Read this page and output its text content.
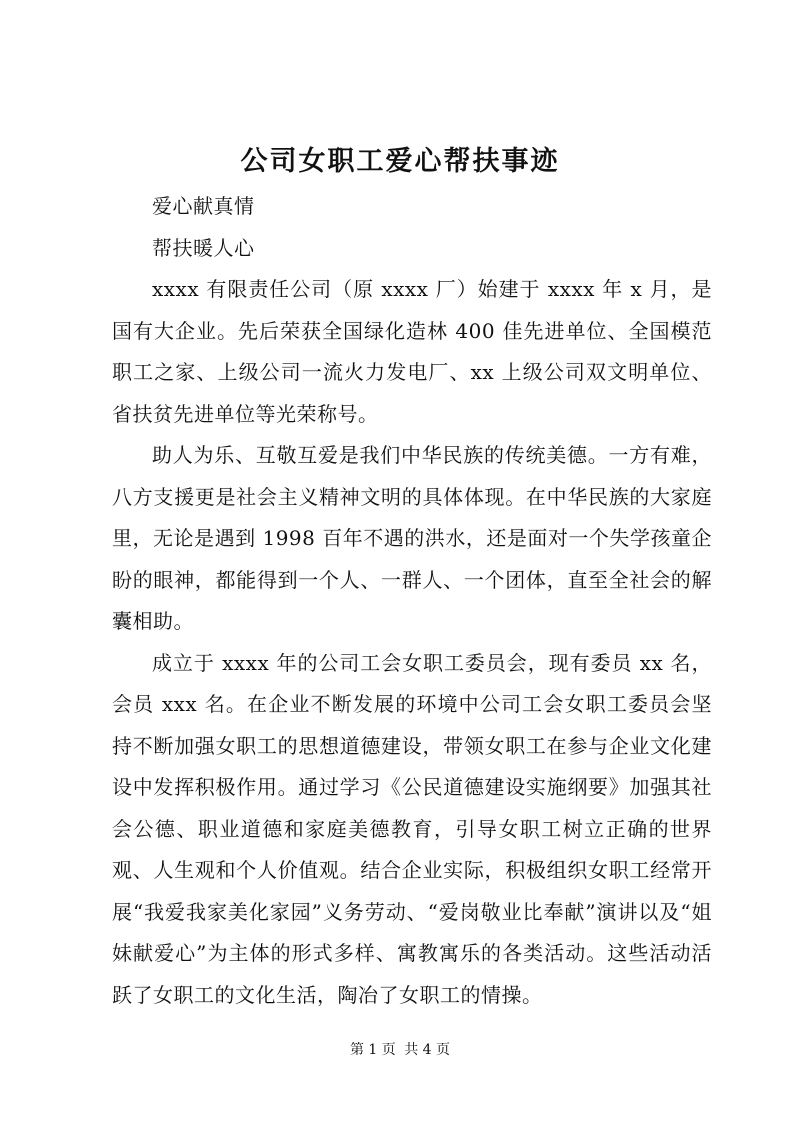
公司女职工爱心帮扶事迹

爱心献真情

帮扶暖人心

xxxx 有限责任公司（原 xxxx 厂）始建于 xxxx 年 x 月，是国有大企业。先后荣获全国绿化造林 400 佳先进单位、全国模范职工之家、上级公司一流火力发电厂、xx 上级公司双文明单位、省扶贫先进单位等光荣称号。

助人为乐、互敬互爱是我们中华民族的传统美德。一方有难，八方支援更是社会主义精神文明的具体体现。在中华民族的大家庭里，无论是遇到 1998 百年不遇的洪水，还是面对一个失学孩童企盼的眼神，都能得到一个人、一群人、一个团体，直至全社会的解囊相助。

成立于 xxxx 年的公司工会女职工委员会，现有委员 xx 名，会员 xxx 名。在企业不断发展的环境中公司工会女职工委员会坚持不断加强女职工的思想道德建设，带领女职工在参与企业文化建设中发挥积极作用。通过学习《公民道德建设实施纲要》加强其社会公德、职业道德和家庭美德教育，引导女职工树立正确的世界观、人生观和个人价值观。结合企业实际，积极组织女职工经常开展“我爱我家美化家园”义务劳动、“爱岗敬业比奉献”演讲以及“姐妹献爱心”为主体的形式多样、寓教寓乐的各类活动。这些活动活跃了女职工的文化生活，陶冶了女职工的情操。

第 1 页 共 4 页
